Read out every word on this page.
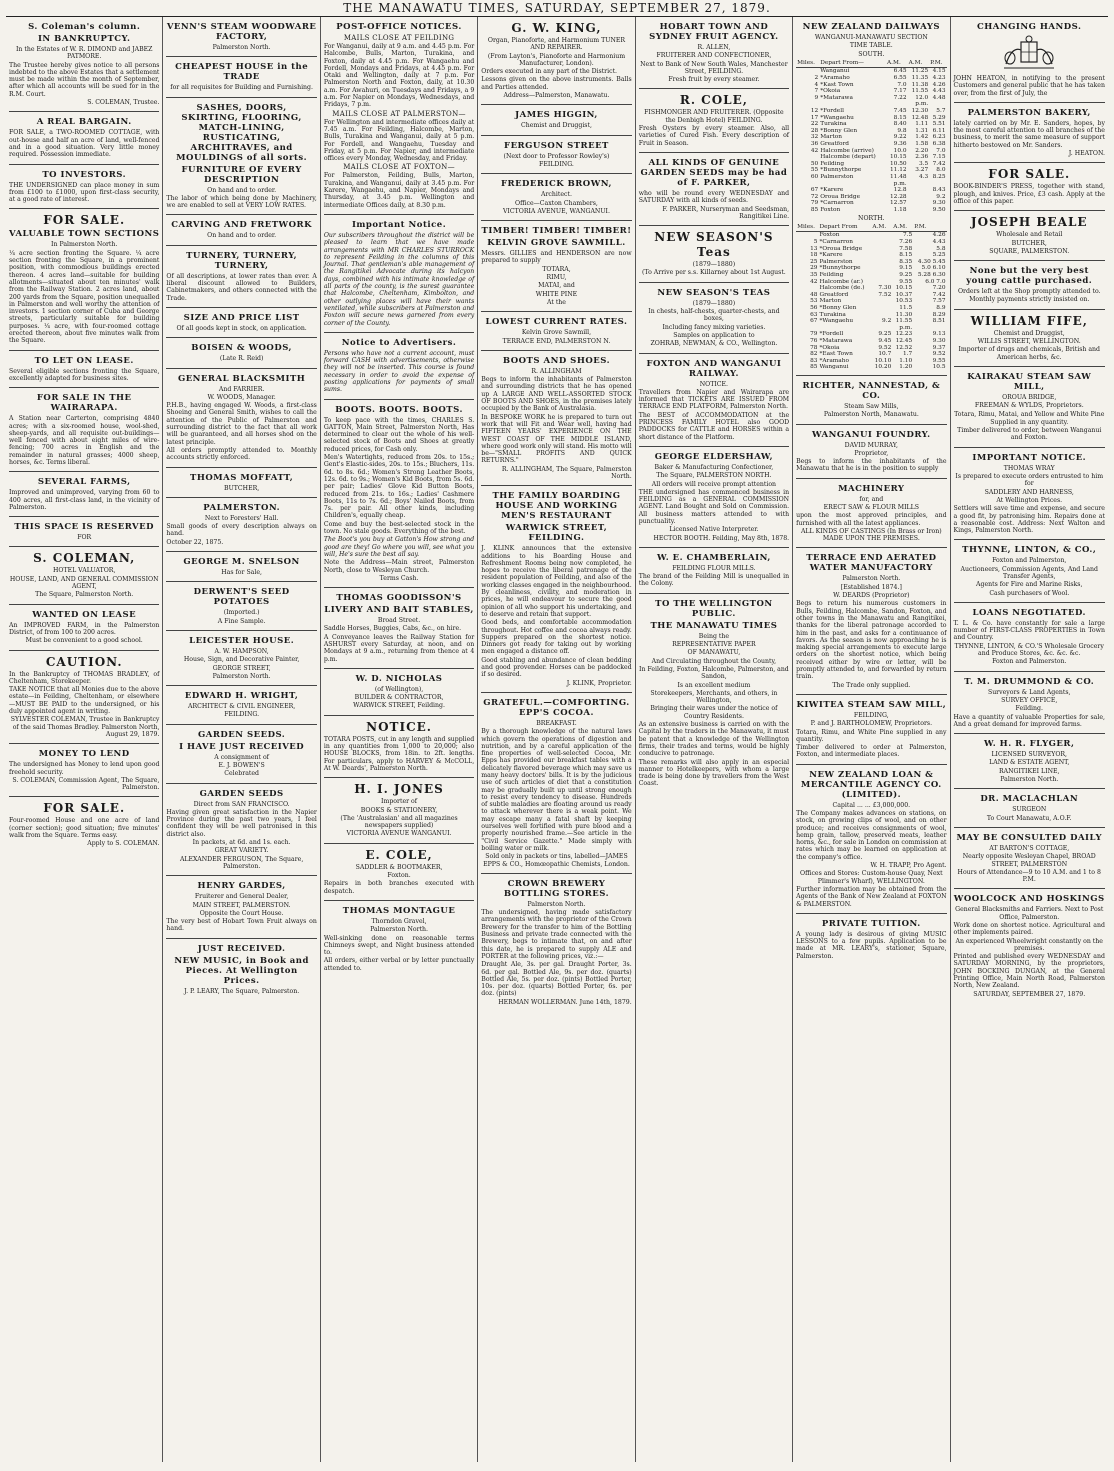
THE MANAWATU TIMES, SATURDAY, SEPTEMBER 27, 1879.
S. Coleman's column.
IN BANKRUPTCY.
In the Estates of W. R. DIMOND and JABEZ PATMORE.
The Trustee hereby gives notice to all persons indebted to the above Estates that a settlement must be made within the month of September, after which all accounts will be sued for in the R.M. Court.
S. COLEMAN, Trustee.
A REAL BARGAIN.
FOR SALE, a TWO-ROOMED COTTAGE, with out-house and half an acre of land, well-fenced and in a good situation. Very little money required. Possession immediate.
TO INVESTORS.
THE UNDERSIGNED can place money in sum from £100 to £1000, upon first-class security, at a good rate of interest.
FOR SALE.
VALUABLE TOWN SECTIONS
In Palmerston North.
¼ acre section fronting the Square. ¼ acre section fronting the Square, in a prominent position, with commodious buildings erected thereon. 4 acres land—suitable for building allotments—situated about ten minutes' walk from the Railway Station. 2 acres land, about 200 yards from the Square, position unequalled in Palmerston and well worthy the attention of investors. 1 section corner of Cuba and George streets, particularly suitable for building purposes. ¼ acre, with four-roomed cottage erected thereon, about five minutes walk from the Square.
TO LET ON LEASE.
Several eligible sections fronting the Square, excellently adapted for business sites.
FOR SALE IN THE WAIRARAPA.
A Station near Carterton, comprising 4840 acres; with a six-roomed house, wool-shed, sheep-yards, and all requisite out-buildings—well fenced with about eight miles of wire-fencing; 700 acres in English and the remainder in natural grasses; 4000 sheep, horses, &c. Terms liberal.
SEVERAL FARMS,
Improved and unimproved, varying from 60 to 400 acres, all first-class land, in the vicinity of Palmerston.
THIS SPACE IS RESERVED
FOR
S. COLEMAN,
HOTEL VALUATOR,
HOUSE, LAND, AND GENERAL COMMISSION AGENT,
The Square, Palmerston North.
WANTED ON LEASE
An IMPROVED FARM, in the Palmerston District, of from 100 to 200 acres.
Must be convenient to a good school.
CAUTION.
In the Bankruptcy of THOMAS BRADLEY, of Cheltenham, Storekeeper.
TAKE NOTICE that all Monies due to the above estate—in Feilding, Cheltenham, or elsewhere—MUST BE PAID to the undersigned, or his duly appointed agent in writing.
SYLVESTER COLEMAN, Trustee in Bankruptcy of the said Thomas Bradley. Palmerston North, August 29, 1879.
MONEY TO LEND
The undersigned has Money to lend upon good freehold security.
S. COLEMAN, Commission Agent, The Square, Palmerston.
FOR SALE.
Four-roomed House and one acre of land (corner section); good situation; five minutes' walk from the Square. Terms easy.
Apply to S. COLEMAN.
VENN'S STEAM WOODWARE FACTORY,
Palmerston North.
CHEAPEST HOUSE in the TRADE
for all requisites for Building and Furnishing.
SASHES, DOORS, SKIRTING, FLOORING, MATCH-LINING, RUSTICATING, ARCHITRAVES, and MOULDINGS of all sorts.
FURNITURE OF EVERY DESCRIPTION
On hand and to order.
The labor of which being done by Machinery, we are enabled to sell at VERY LOW RATES.
CARVING AND FRETWORK
On hand and to order.
TURNERY, TURNERY, TURNERY,
Of all descriptions, at lower rates than ever. A liberal discount allowed to Builders, Cabinetmakers, and others connected with the Trade.
SIZE AND PRICE LIST
Of all goods kept in stock, on application.
BOISEN & WOODS,
(Late R. Reid)
GENERAL BLACKSMITH
And FARRIER.
W. WOODS, Manager.
P.H.B., having engaged W. Woods, a first-class Shoeing and General Smith, wishes to call the attention of the Public of Palmerston and surrounding district to the fact that all work will be guaranteed, and all horses shod on the latest principle.
All orders promptly attended to. Monthly accounts strictly enforced.
THOMAS MOFFATT,
BUTCHER,
PALMERSTON.
Next to Foresters' Hall.
Small goods of every description always on hand.
October 22, 1875.
GEORGE M. SNELSON
Has for Sale,
DERWENT'S SEED POTATOES
(Imported.)
A Fine Sample.
LEICESTER HOUSE.
A. W. HAMPSON,
House, Sign, and Decorative Painter,
GEORGE STREET,
Palmerston North.
EDWARD H. WRIGHT,
ARCHITECT & CIVIL ENGINEER,
FEILDING.
GARDEN SEEDS.
I HAVE JUST RECEIVED
A consignment of
E. J. BOWEN'S
Celebrated
GARDEN SEEDS
Direct from SAN FRANCISCO.
Having given great satisfaction in the Napier Province during the past two years, I feel confident they will be well patronised in this district also.
In packets, at 6d. and 1s. each.
GREAT VARIETY.
ALEXANDER FERGUSON, The Square, Palmerston.
HENRY GARDES,
Fruiterer and General Dealer,
MAIN STREET, PALMERSTON.
Opposite the Court House.
The very best of Hobart Town Fruit always on hand.
JUST RECEIVED.
NEW MUSIC, in Book and Pieces. At Wellington Prices.
J. P. LEARY, The Square, Palmerston.
POST-OFFICE NOTICES.
MAILS CLOSE AT FEILDING
For Wanganui, daily at 9 a.m. and 4.45 p.m. For Halcombe, Bulls, Marton, Turakina, and Foxton, daily at 4.45 p.m. For Wangaehu and Fordell, Mondays and Fridays, at 4.45 p.m. For Otaki and Wellington, daily at 7 p.m. For Palmerston North and Foxton, daily, at 10.30 a.m. For Awahuri, on Tuesdays and Fridays, a 9 a.m. For Napier on Mondays, Wednesdays, and Fridays, 7 p.m.
MAILS CLOSE AT PALMERSTON—
For Wellington and intermediate offices daily at 7.45 a.m. For Feilding, Halcombe, Marton, Bulls, Turakina and Wanganui, daily at 5 p.m. For Fordell, and Wangaehu, Tuesday and Friday, at 5 p.m. For Napier, and intermediate offices every Monday, Wednesday, and Friday.
MAILS CLOSE AT FOXTON—
For Palmerston, Feilding, Bulls, Marton, Turakina, and Wanganui, daily at 3.45 p.m. For Karere, Wangaehu, and Napier, Mondays and Thursday, at 3.45 p.m. Wellington and intermediate Offices daily, at 8.30 p.m.
Important Notice.
Our subscribers throughout the district will be pleased to learn that we have made arrangements with MR CHARLES STURROCK to represent Feilding in the columns of this Journal. That gentleman's able management of the Rangitikei Advocate during its halcyon days, combined with his intimate knowledge of all parts of the county, is the surest guarantee that Halcombe, Cheltenham, Kimbolton, and other outlying places will have their wants ventilated, while subscribers at Palmerston and Foxton will secure news garnered from every corner of the County.
Notice to Advertisers.
Persons who have not a current account, must forward CASH with advertisements, otherwise they will not be inserted. This course is found necessary in order to avoid the expense of posting applications for payments of small sums.
BOOTS. BOOTS. BOOTS.
To keep pace with the times, CHARLES S. GATTON, Main Street, Palmerston North, Has determined to clear out the whole of his well-selected stock of Boots and Shoes at greatly reduced prices, for Cash only.
Men's Watertights, reduced from 20s. to 15s.; Gent's Elastic-sides, 20s. to 15s.; Bluchers, 11s. 6d. to 8s. 6d.; Women's Strong Leather Boots, 12s. 6d. to 9s.; Women's Kid Boots, from 5s. 6d. per pair; Ladies' Glove Kid Button Boots, reduced from 21s. to 16s.; Ladies' Cashmere Boots, 11s to 7s. 6d.; Boys' Nailed Boots, from 7s. per pair. All other kinds, including Children's, equally cheap.
Come and buy the best-selected stock in the town. No stale goods. Everything of the best.
The Boot's you buy at Gatton's How strong and good are they! Go where you will, see what you will, He's sure the best all say.
Note the Address—Main street, Palmerston North, close to Wesleyan Church.
Terms Cash.
THOMAS GOODISSON'S
LIVERY AND BAIT STABLES,
Broad Street.
Saddle Horses, Buggies, Cabs, &c., on hire.
A Conveyance leaves the Railway Station for ASHURST every Saturday, at noon, and on Mondays at 9 a.m., returning from thence at 4 p.m.
W. D. NICHOLAS
(of Wellington),
BUILDER & CONTRACTOR,
WARWICK STREET, Feilding.
NOTICE.
TOTARA POSTS, cut in any length and supplied in any quantities from 1,000 to 20,000; also HOUSE BLOCKS, from 18in. to 2ft. lengths. For particulars, apply to HARVEY & McCOLL, At W. Deards', Palmerston North.
H. I. JONES
Importer of
BOOKS & STATIONERY,
(The 'Australasian' and all magazines newspapers supplied)
VICTORIA AVENUE WANGANUI.
E. COLE,
SADDLER & BOOTMAKER,
Foxton.
Repairs in both branches executed with despatch.
THOMAS MONTAGUE
Thorndon Gravel,
Palmerston North.
Well-sinking done on reasonable terms Chimneys swept, and Night business attended to.
All orders, either verbal or by letter punctually attended to.
G. W. KING,
Organ, Pianoforte, and Harmonium TUNER AND REPAIRER.
(From Layton's, Pianoforte and Harmonium Manufacturer, London).
Orders executed in any part of the District.
Lessons given on the above instruments. Balls and Parties attended.
Address—Palmerston, Manawatu.
JAMES HIGGIN,
Chemist and Druggist,
FERGUSON STREET
(Next door to Professor Rowley's)
FEILDING.
FREDERICK BROWN,
Architect.
Office—Caxton Chambers,
VICTORIA AVENUE, WANGANUI.
TIMBER! TIMBER! TIMBER!
KELVIN GROVE SAWMILL.
Messrs. GILLIES and HENDERSON are now prepared to supply
TOTARA,
RIMU,
MATAI, and
WHITE PINE
At the
LOWEST CURRENT RATES.
Kelvin Grove Sawmill,
TERRACE END, PALMERSTON N.
BOOTS AND SHOES.
R. ALLINGHAM
Begs to inform the inhabitants of Palmerston and surrounding districts that he has opened up A LARGE AND WELL-ASSORTED STOCK OF BOOTS AND SHOES, in the premises lately occupied by the Bank of Australasia.
In BESPOKE WORK he is prepared to turn out work that will Fit and Wear well, having had FIFTEEN YEARS' EXPERIENCE ON THE WEST COAST OF THE MIDDLE ISLAND, where good work only will stand. His motto will be—"SMALL PROFITS AND QUICK RETURNS."
R. ALLINGHAM, The Square, Palmerston North.
THE FAMILY BOARDING HOUSE AND WORKING MEN'S RESTAURANT
WARWICK STREET, FEILDING.
J. KLINK announces that the extensive additions to his Boarding House and Refreshment Rooms being now completed, he hopes to receive the liberal patronage of the resident population of Feilding, and also of the working classes engaged in the neighbourhood. By cleanliness, civility, and moderation in prices, he will endeavour to secure the good opinion of all who support his undertaking, and to deserve and retain that support.
Good beds, and comfortable accommodation throughout. Hot coffee and cocoa always ready. Suppers prepared on the shortest notice. Dinners got ready for taking out by working men engaged a distance off.
Good stabling and abundance of clean bedding and good provender. Horses can be paddocked if so desired.
J. KLINK, Proprietor.
GRATEFUL.—COMFORTING. EPP'S COCOA.
BREAKFAST.
By a thorough knowledge of the natural laws which govern the operations of digestion and nutrition, and by a careful application of the fine properties of well-selected Cocoa, Mr. Epps has provided our breakfast tables with a delicately flavored beverage which may save us many heavy doctors' bills. It is by the judicious use of such articles of diet that a constitution may be gradually built up until strong enough to resist every tendency to disease. Hundreds of subtle maladies are floating around us ready to attack wherever there is a weak point. We may escape many a fatal shaft by keeping ourselves well fortified with pure blood and a properly nourished frame.—See article in the "Civil Service Gazette." Made simply with boiling water or milk.
Sold only in packets or tins, labelled—JAMES EPPS & CO., Homœopathic Chemists, London.
CROWN BREWERY BOTTLING STORES.
Palmerston North.
The undersigned, having made satisfactory arrangements with the proprietor of the Crown Brewery for the transfer to him of the Bottling Business and private trade connected with the Brewery, begs to intimate that, on and after this date, he is prepared to supply ALE and PORTER at the following prices, viz.:—
Draught Ale, 3s. per gal. Draught Porter, 3s. 6d. per gal. Bottled Ale, 9s. per doz. (quarts) Bottled Ale, 5s. per doz. (pints) Bottled Porter, 10s. per doz. (quarts) Bottled Porter, 6s. per doz. (pints)
HERMAN WOLLERMAN. June 14th, 1879.
HOBART TOWN AND SYDNEY FRUIT AGENCY.
R. ALLEN,
FRUITERER AND CONFECTIONER,
Next to Bank of New South Wales, Manchester Street, FEILDING.
Fresh fruit by every steamer.
R. COLE,
FISHMONGER AND FRUITERER. (Opposite the Denbigh Hotel) FEILDING.
Fresh Oysters by every steamer. Also, all varieties of Cured Fish. Every description of Fruit in Season.
ALL KINDS OF GENUINE GARDEN SEEDS may be had of F. PARKER,
who will be round every WEDNESDAY and SATURDAY with all kinds of seeds.
F. PARKER, Nurseryman and Seedsman, Rangitikei Line.
NEW SEASON'S
Teas
(1879—1880)
(To Arrive per s.s. Killarney about 1st August.
NEW SEASON'S TEAS
(1879—1880)
In chests, half-chests, quarter-chests, and boxes,
Including fancy mixing varieties.
Samples on application to
ZOHRAB, NEWMAN, & CO., Wellington.
FOXTON AND WANGANUI RAILWAY.
NOTICE.
Travellers from Napier and Wairarapa are informed that TICKETS ARE ISSUED FROM TERRACE END PLATFORM, Palmerston North.
The BEST of ACCOMMODATION at the PRINCESS FAMILY HOTEL also GOOD PADDOCKS for CATTLE and HORSES within a short distance of the Platform.
GEORGE ELDERSHAW,
Baker & Manufacturing Confectioner,
The Square, PALMERSTON NORTH.
All orders will receive prompt attention
THE undersigned has commenced business in FEILDING as a GENERAL COMMISSION AGENT. Land Bought and Sold on Commission. All business matters attended to with punctuality.
Licensed Native Interpreter.
HECTOR BOOTH. Feilding, May 8th, 1878.
W. E. CHAMBERLAIN,
FEILDING FLOUR MILLS.
The brand of the Feilding Mill is unequalled in the Colony.
TO THE WELLINGTON PUBLIC.
THE MANAWATU TIMES
Being the
REPRESENTATIVE PAPER
OF MANAWATU,
And Circulating throughout the County,
In Feilding, Foxton, Halcombe, Palmerston, and Sandon,
Is an excellent medium
Storekeepers, Merchants, and others, in Wellington,
Bringing their wares under the notice of Country Residents.
As an extensive business is carried on with the Capital by the traders in the Manawatu, it must be patent that a knowledge of the Wellington firms, their trades and terms, would be highly conducive to patronage.
These remarks will also apply in an especial manner to Hotelkeepers, with whom a large trade is being done by travellers from the West Coast.
NEW ZEALAND DAILWAYS
WANGANUI-MANAWATU SECTION
TIME TABLE.
SOUTH.
Miles.	Depart From—	A.M.	A.M.	P.M.
	Wanganui	6.45	11.25	4.15
2	*Aramaho	6.55	11.35	4.23
4	*Kast Town	7.0	11.38	4.26
7	*Okoia	7.17	11.55	4.43
9	*Matarawa	7.22	12.0	4.48
			p.m.	
12	*Fordell	7.45	12.30	5.7
17	*Wangaehu	8.15	12.48	5.29
22	Turakina	8.40	1.11	5.51
28	*Bonny Glen	9.8	1.31	6.11
32	Marton	9.22	1.42	6.23
36	Greatford	9.36	1.58	6.38
42	Halcombe (arrive)	10.0	2.20	7.0
	Halcombe (depart)	10.15	2.36	7.15
50	Feilding	10.50	3.5	7.42
55	*Bunnythorpe	11.12	3.27	8.0
60	Palmerston	11.48	4.3	8.25
		p.m.		
67	*Karere	12.8		8.43
72	Oroua Bridge	12.28		9.2
79	*Carnarron	12.57		9.30
85	Foxton	1.18		9.50
NORTH.
Miles.	Depart From	A.M.	A.M.	P.M.
	Foxton		7.5	4.26
5	*Carnarron		7.26	4.43
13	*Oroua Bridge		7.58	5.8
18	*Karere		8.15	5.25
25	Palmerston		8.35	4.30 5.45
29	*Bunnythorpe		9.15	5.0 6.10
35	Feilding		9.25	5.28 6.30
42	Halcombe (ar.)		9.55	6.0 7.0
	Halcombe (de.)	7.30	10.15	7.20
48	Greatford	7.52	10.37	7.42
53	Marton		10.53	7.57
56	*Bonny Glen		11.5	8.9
63	Turakina		11.30	8.29
67	*Wangaehu	9.2	11.55	8.51
			p.m.	
79	*Fordell	9.25	12.23	9.13
76	*Matarawa	9.45	12.45	9.30
78	*Okoia	9.52	12.52	9.37
82	*East Town	10.7	1.7	9.52
83	*Aramaho	10.10	1.10	9.55
85	Wanganui	10.20	1.20	10.5
RICHTER, NANNESTAD, & CO.
Steam Saw Mills,
Palmerston North, Manawatu.
WANGANUI FOUNDRY.
DAVID MURRAY,
Proprietor,
Begs to inform the inhabitants of the Manawatu that he is in the position to supply
MACHINERY
for, and
ERECT SAW & FLOUR MILLS
upon the most approved principles, and furnished with all the latest appliances.
ALL KINDS OF CASTINGS (In Brass or Iron) MADE UPON THE PREMISES.
TERRACE END AERATED WATER MANUFACTORY
Palmerston North.
[Established 1874.]
W. DEARDS (Proprietor)
Begs to return his numerous customers in Bulls, Feilding, Halcombe, Sandon, Foxton, and other towns in the Manawatu and Rangitikei, thanks for the liberal patronage accorded to him in the past, and asks for a continuance of favors. As the season is now approaching he is making special arrangements to execute large orders on the shortest notice, which being received either by wire or letter, will be promptly attended to, and forwarded by return train.
The Trade only supplied.
KIWITEA STEAM SAW MILL,
FEILDING,
P. and J. BARTHOLOMEW, Proprietors.
Totara, Rimu, and White Pine supplied in any quantity.
Timber delivered to order at Palmerston, Foxton, and intermediate places.
NEW ZEALAND LOAN & MERCANTILE AGENCY CO. (LIMITED).
Capital ... ... £3,000,000.
The Company makes advances on stations, on stock, on growing clips of wool, and on other produce; and receives consignments of wool, hemp grain, tallow, preserved meats, leather horns, &c., for sale in London on commission at rates which may be learned on application at the company's office.
W. H. TRAPP, Pro Agent.
Offices and Stores: Custom-house Quay, Next Plimmer's Wharf), WELLINGTON.
Further information may be obtained from the Agents of the Bank of New Zealand at FOXTON & PALMERSTON.
PRIVATE TUITION.
A young lady is desirous of giving MUSIC LESSONS to a few pupils. Application to be made at MR. LEARY's, stationer, Square, Palmerston.
CHANGING HANDS.
JOHN HEATON, in notifying to the present Customers and general public that he has taken over, from the first of July, the
PALMERSTON BAKERY,
lately carried on by Mr. E. Sanders, hopes, by the most careful attention to all branches of the business, to merit the same measure of support hitherto bestowed on Mr. Sanders.
J. HEATON.
FOR SALE.
BOOK-BINDER'S PRESS, together with stand, plough, and knives. Price, £3 cash. Apply at the office of this paper.
JOSEPH BEALE
Wholesale and Retail
BUTCHER,
SQUARE, PALMERSTON.
None but the very best young cattle purchased.
Orders left at the Shop promptly attended to.
Monthly payments strictly insisted on.
WILLIAM FIFE,
Chemist and Druggist,
WILLIS STREET, WELLINGTON.
Importer of drugs and chemicals, British and American herbs, &c.
KAIRAKAU STEAM SAW MILL,
OROUA BRIDGE,
FREEMAN & WYLDS, Proprietors.
Totara, Rimu, Matai, and Yellow and White Pine
Supplied in any quantity.
Timber delivered to order, between Wanganui and Foxton.
IMPORTANT NOTICE.
THOMAS WRAY
Is prepared to execute orders entrusted to him for
SADDLERY AND HARNESS,
At Wellington Prices.
Settlers will save time and expense, and secure a good fit, by patronising him. Repairs done at a reasonable cost. Address: Next Walton and Kings, Palmerston North.
THYNNE, LINTON, & CO.,
Foxton and Palmerston,
Auctioneers, Commission Agents, And Land Transfer Agents,
Agents for Fire and Marine Risks,
Cash purchasers of Wool.
LOANS NEGOTIATED.
T. L. & Co. have constantly for sale a large number of FIRST-CLASS PROPERTIES in Town and Country.
THYNNE, LINTON, & CO.'S Wholesale Grocery and Produce Stores, &c. &c. &c.
Foxton and Palmerston.
T. M. DRUMMOND & CO.
Surveyors & Land Agents,
SURVEY OFFICE,
Feilding.
Have a quantity of valuable Properties for sale, And a great demand for improved farms.
W. H. R. FLYGER,
LICENSED SURVEYOR,
LAND & ESTATE AGENT,
RANGITIKEI LINE,
Palmerston North.
DR. MACLACHLAN
SURGEON
To Court Manawatu, A.O.F.
MAY BE CONSULTED DAILY
AT BARTON'S COTTAGE,
Nearly opposite Wesleyan Chapel, BROAD STREET, PALMERSTON
Hours of Attendance—9 to 10 A.M. and 1 to 8 P.M.
WOOLCOCK AND HOSKINGS
General Blacksmiths and Farriers. Next to Post Office, Palmerston.
Work done on shortest notice. Agricultural and other implements paired.
An experienced Wheelwright constantly on the premises.
Printed and published every WEDNESDAY and SATURDAY MORNING, by the proprietors, JOHN BOCKING DUNGAN, at the General Printing Office, Main North Road, Palmerston North, New Zealand.
SATURDAY, SEPTEMBER 27, 1879.
